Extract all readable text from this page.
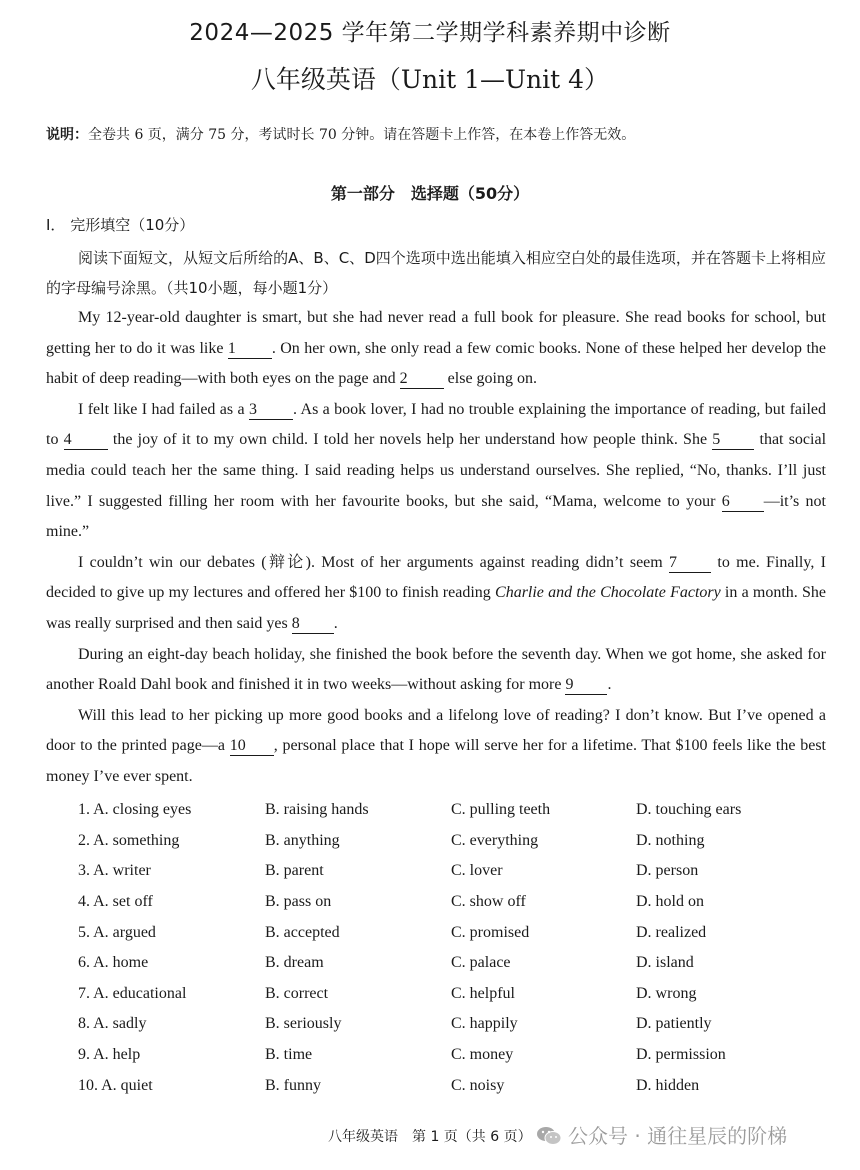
2024—2025 学年第二学期学科素养期中诊断
八年级英语（Unit 1—Unit 4）
说明：全卷共 6 页，满分 75 分，考试时长 70 分钟。请在答题卡上作答，在本卷上作答无效。
第一部分　选择题（50分）
Ⅰ． 完形填空（10分）
阅读下面短文，从短文后所给的A、B、C、D四个选项中选出能填入相应空白处的最佳选项，并在答题卡上将相应的字母编号涂黑。（共10小题，每小题1分）

My 12-year-old daughter is smart, but she had never read a full book for pleasure. She read books for school, but getting her to do it was like 1 . On her own, she only read a few comic books. None of these helped her develop the habit of deep reading—with both eyes on the page and 2 else going on.

I felt like I had failed as a 3 . As a book lover, I had no trouble explaining the importance of reading, but failed to 4 the joy of it to my own child. I told her novels help her understand how people think. She 5 that social media could teach her the same thing. I said reading helps us understand ourselves. She replied, “No, thanks. I’ll just live.” I suggested filling her room with her favourite books, but she said, “Mama, welcome to your 6 —it’s not mine.”

I couldn’t win our debates (辩论). Most of her arguments against reading didn’t seem 7 to me. Finally, I decided to give up my lectures and offered her $100 to finish reading Charlie and the Chocolate Factory in a month. She was really surprised and then said yes 8 .

During an eight-day beach holiday, she finished the book before the seventh day. When we got home, she asked for another Roald Dahl book and finished it in two weeks—without asking for more 9 .

Will this lead to her picking up more good books and a lifelong love of reading? I don’t know. But I’ve opened a door to the printed page—a 10 , personal place that I hope will serve her for a lifetime. That $100 feels like the best money I’ve ever spent.

1. A. closing eyes	B. raising hands	C. pulling teeth	D. touching ears
2. A. something	B. anything	C. everything	D. nothing
3. A. writer	B. parent	C. lover	D. person
4. A. set off	B. pass on	C. show off	D. hold on
5. A. argued	B. accepted	C. promised	D. realized
6. A. home	B. dream	C. palace	D. island
7. A. educational	B. correct	C. helpful	D. wrong
8. A. sadly	B. seriously	C. happily	D. patiently
9. A. help	B. time	C. money	D. permission
10. A. quiet	B. funny	C. noisy	D. hidden
八年级英语　第 1 页（共 6 页）	公众号 · 通往星辰的阶梯
